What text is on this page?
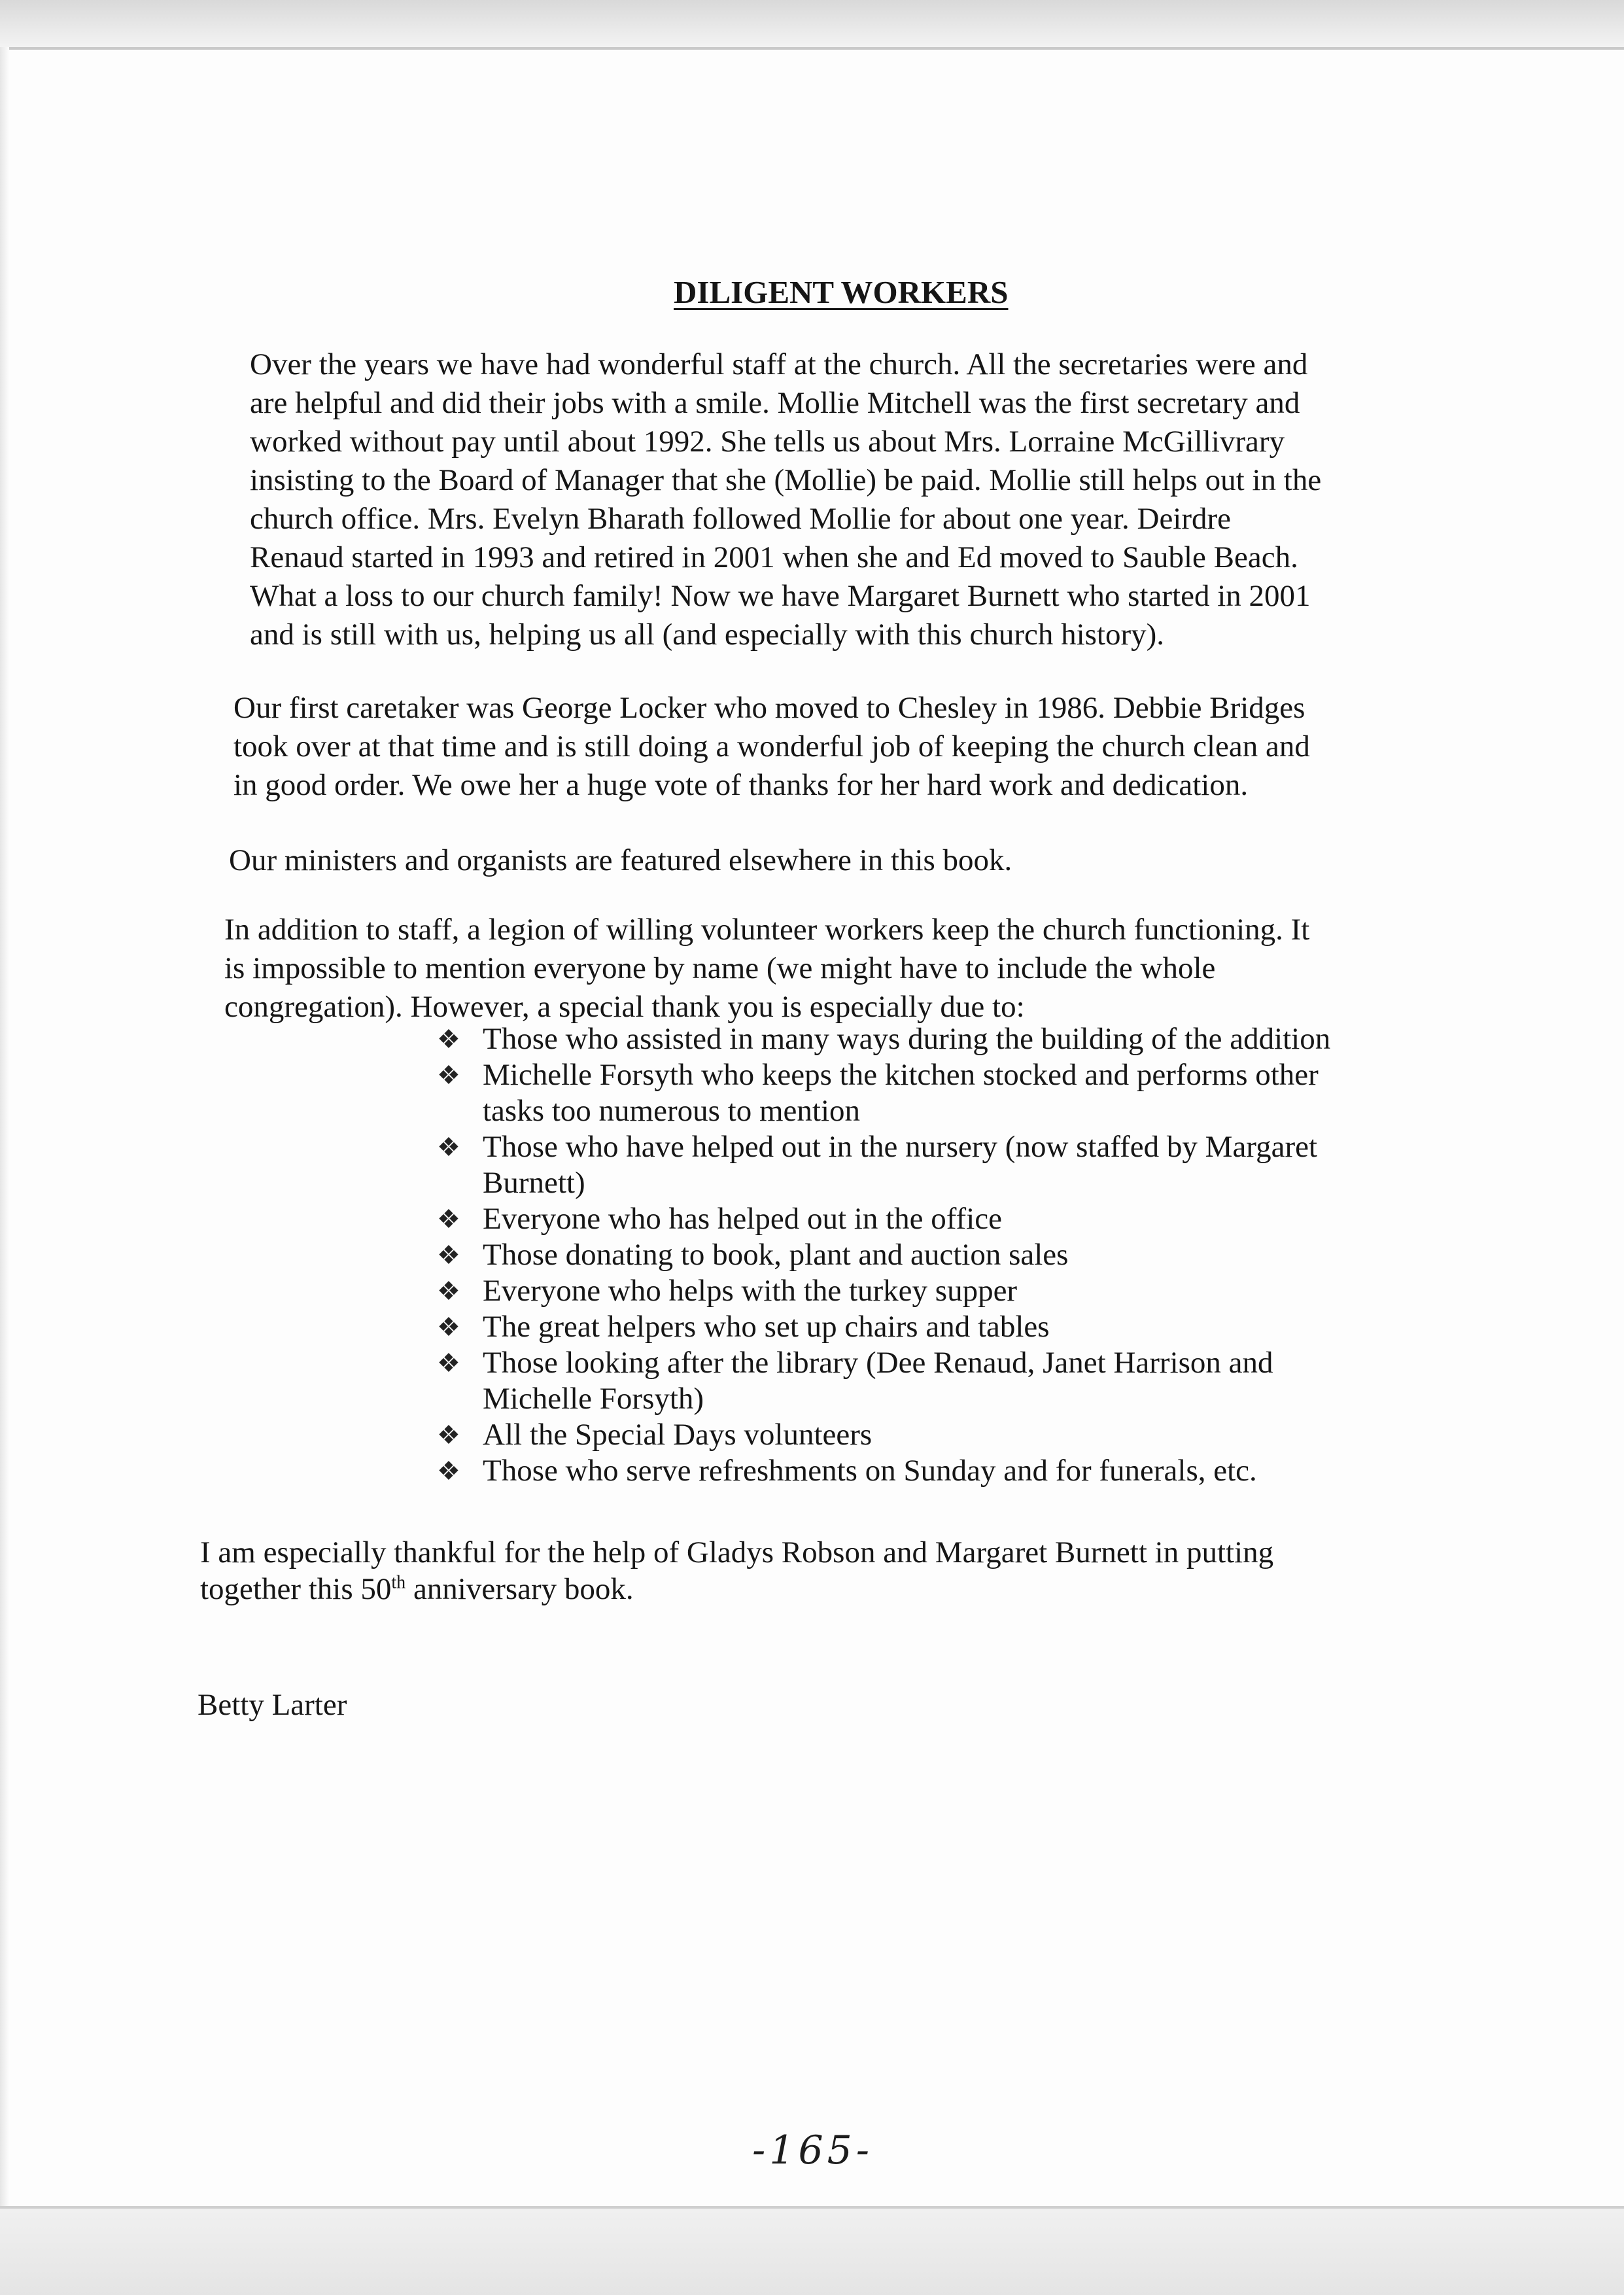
DILIGENT WORKERS

Over the years we have had wonderful staff at the church. All the secretaries were and
are helpful and did their jobs with a smile. Mollie Mitchell was the first secretary and
worked without pay until about 1992. She tells us about Mrs. Lorraine McGillivrary
insisting to the Board of Manager that she (Mollie) be paid. Mollie still helps out in the
church office. Mrs. Evelyn Bharath followed Mollie for about one year. Deirdre
Renaud started in 1993 and retired in 2001 when she and Ed moved to Sauble Beach.
What a loss to our church family! Now we have Margaret Burnett who started in 2001
and is still with us, helping us all (and especially with this church history).

Our first caretaker was George Locker who moved to Chesley in 1986. Debbie Bridges
took over at that time and is still doing a wonderful job of keeping the church clean and
in good order. We owe her a huge vote of thanks for her hard work and dedication.

Our ministers and organists are featured elsewhere in this book.

In addition to staff, a legion of willing volunteer workers keep the church functioning. It
is impossible to mention everyone by name (we might have to include the whole
congregation). However, a special thank you is especially due to:

❖ Those who assisted in many ways during the building of the addition
❖ Michelle Forsyth who keeps the kitchen stocked and performs other
tasks too numerous to mention
❖ Those who have helped out in the nursery (now staffed by Margaret
Burnett)
❖ Everyone who has helped out in the office
❖ Those donating to book, plant and auction sales
❖ Everyone who helps with the turkey supper
❖ The great helpers who set up chairs and tables
❖ Those looking after the library (Dee Renaud, Janet Harrison and
Michelle Forsyth)
❖ All the Special Days volunteers
❖ Those who serve refreshments on Sunday and for funerals, etc.

I am especially thankful for the help of Gladys Robson and Margaret Burnett in putting
together this 50th anniversary book.

Betty Larter

-165-
